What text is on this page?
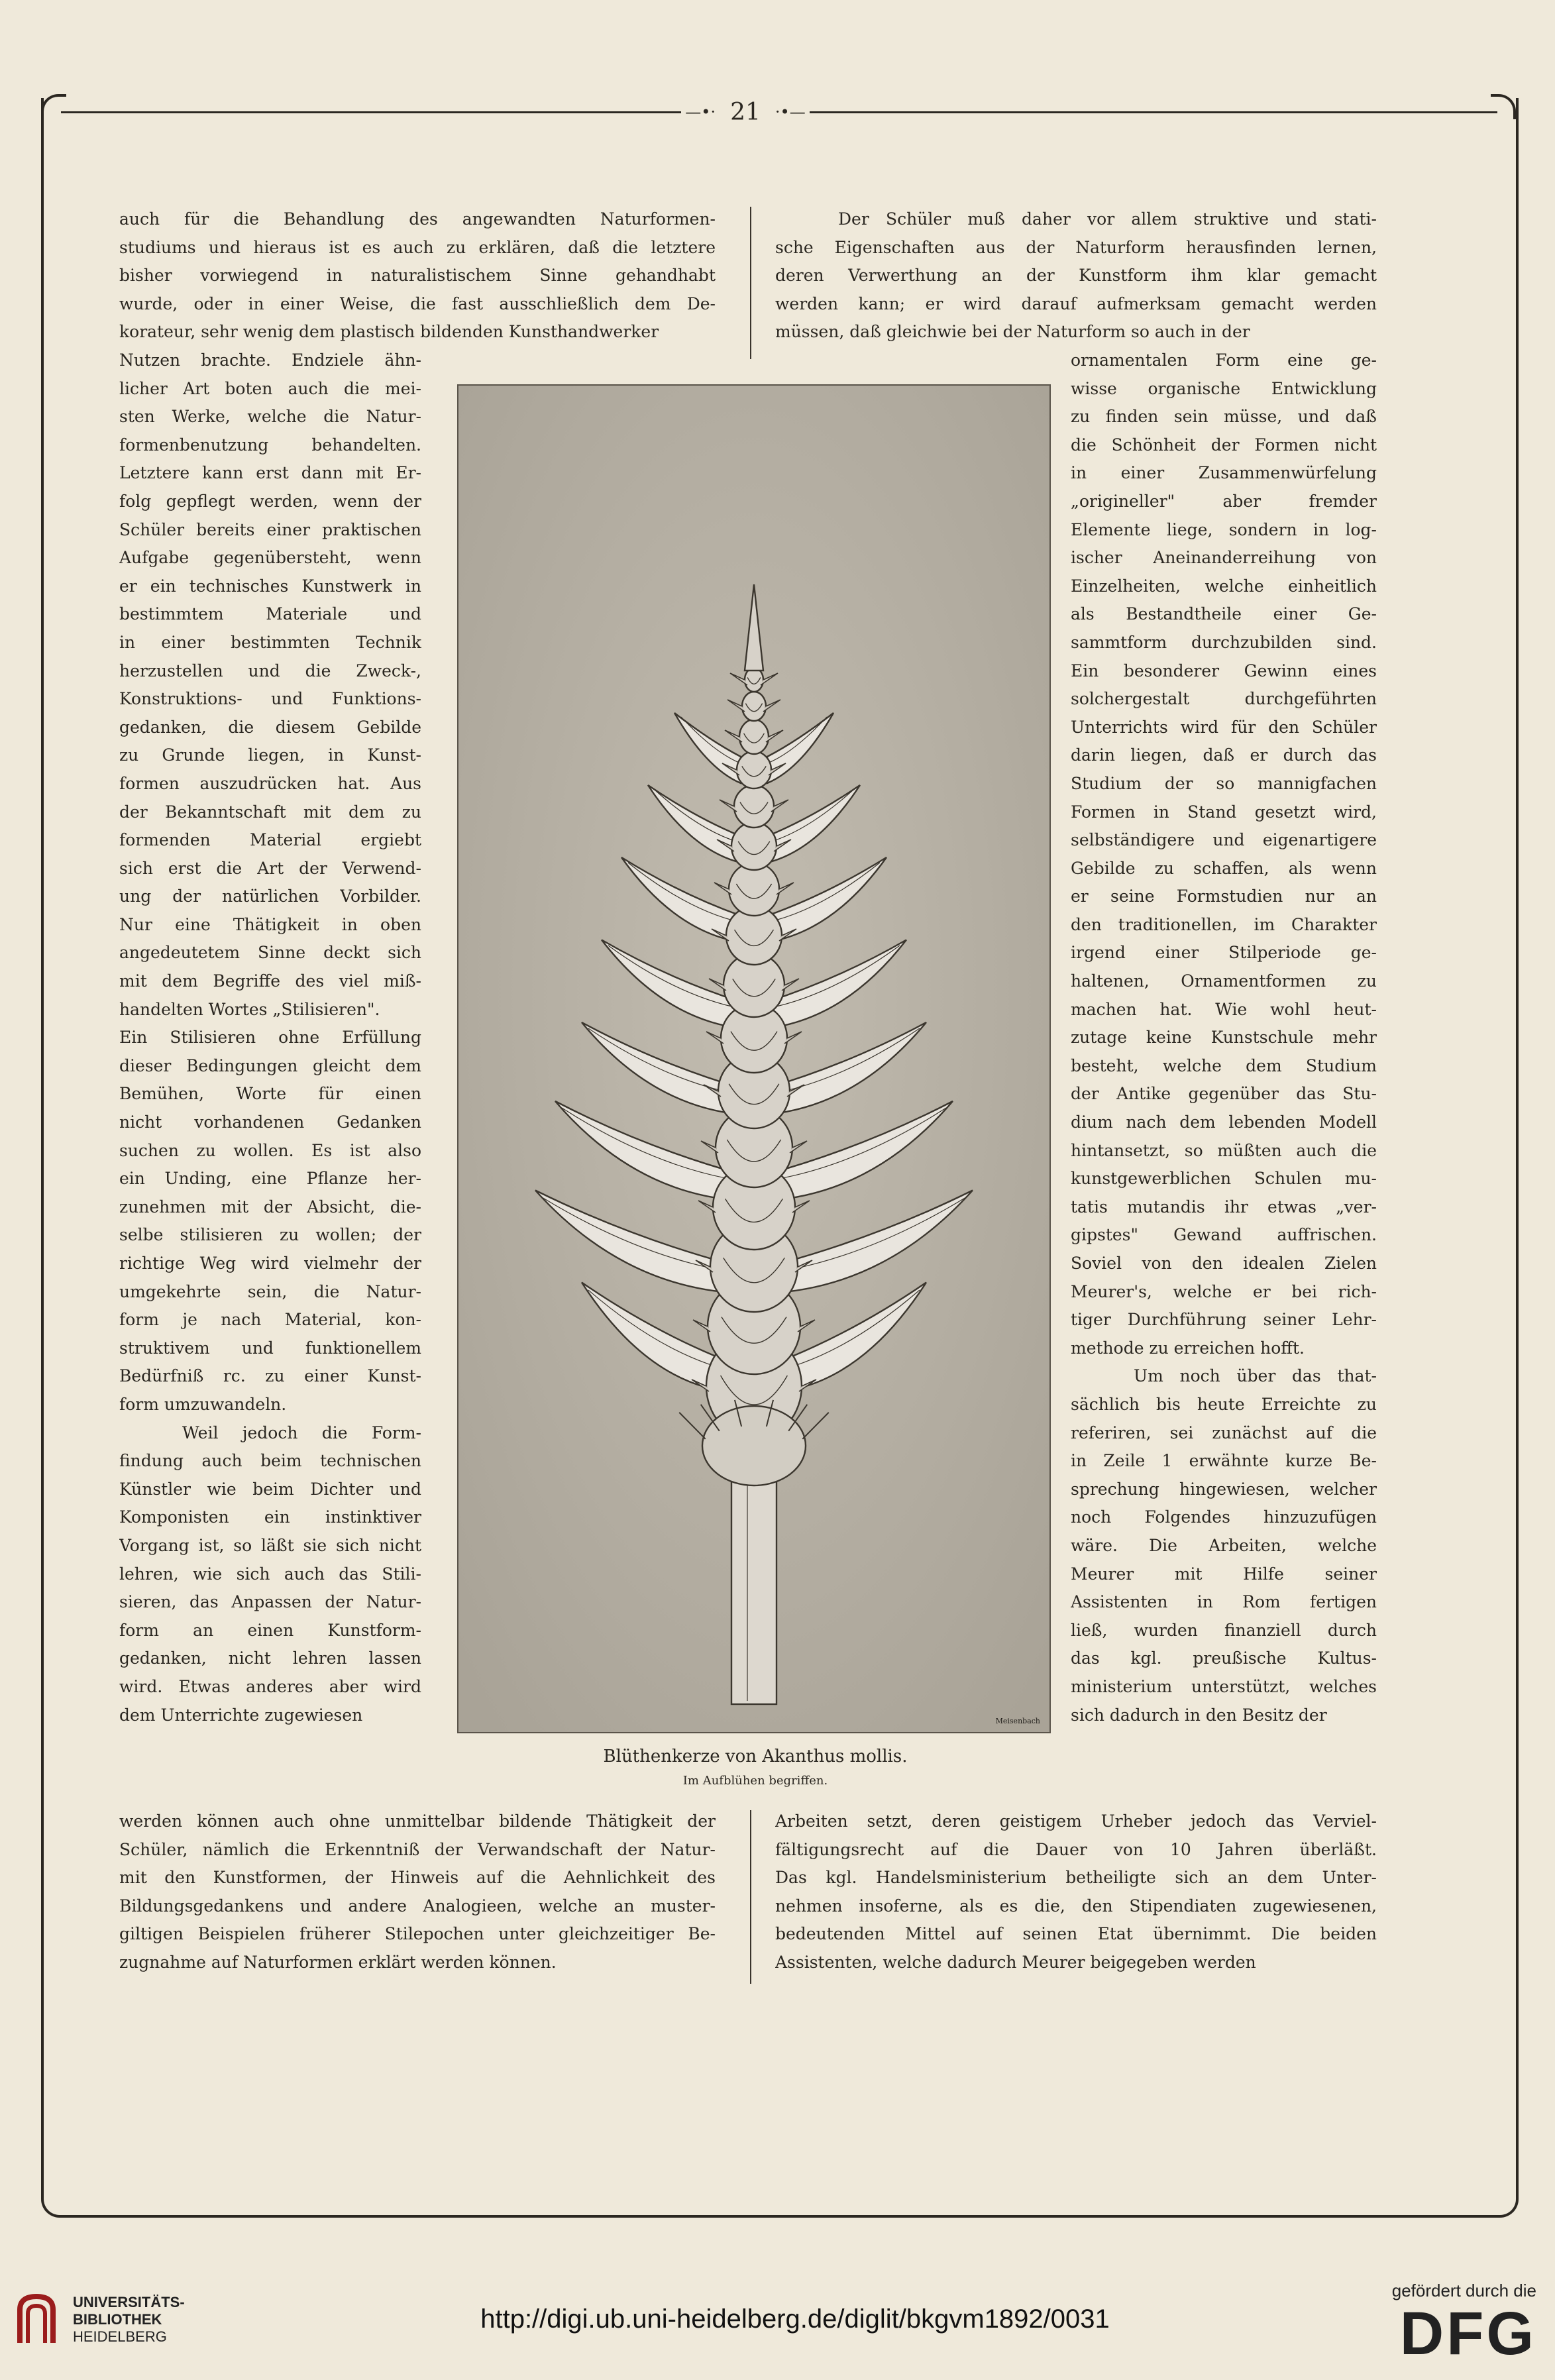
—•· 21 ·•—
auch für die Behandlung des angewandten Naturformen-
studiums und hieraus ist es auch zu erklären, daß die letztere
bisher vorwiegend in naturalistischem Sinne gehandhabt
wurde, oder in einer Weise, die fast ausschließlich dem De-
korateur, sehr wenig dem plastisch bildenden Kunsthandwerker
Der Schüler muß daher vor allem struktive und stati-
sche Eigenschaften aus der Naturform herausfinden lernen,
deren Verwerthung an der Kunstform ihm klar gemacht
werden kann; er wird darauf aufmerksam gemacht werden
müssen, daß gleichwie bei der Naturform so auch in der
Nutzen brachte. Endziele ähn-
licher Art boten auch die mei-
sten Werke, welche die Natur-
formenbenutzung behandelten.
Letztere kann erst dann mit Er-
folg gepflegt werden, wenn der
Schüler bereits einer praktischen
Aufgabe gegenübersteht, wenn
er ein technisches Kunstwerk in
bestimmtem Materiale und
in einer bestimmten Technik
herzustellen und die Zweck-,
Konstruktions- und Funktions-
gedanken, die diesem Gebilde
zu Grunde liegen, in Kunst-
formen auszudrücken hat. Aus
der Bekanntschaft mit dem zu
formenden Material ergiebt
sich erst die Art der Verwend-
ung der natürlichen Vorbilder.
Nur eine Thätigkeit in oben
angedeutetem Sinne deckt sich
mit dem Begriffe des viel miß-
handelten Wortes „Stilisieren".
Ein Stilisieren ohne Erfüllung
dieser Bedingungen gleicht dem
Bemühen, Worte für einen
nicht vorhandenen Gedanken
suchen zu wollen. Es ist also
ein Unding, eine Pflanze her-
zunehmen mit der Absicht, die-
selbe stilisieren zu wollen; der
richtige Weg wird vielmehr der
umgekehrte sein, die Natur-
form je nach Material, kon-
struktivem und funktionellem
Bedürfniß rc. zu einer Kunst-
form umzuwandeln.
Weil jedoch die Form-
findung auch beim technischen
Künstler wie beim Dichter und
Komponisten ein instinktiver
Vorgang ist, so läßt sie sich nicht
lehren, wie sich auch das Stili-
sieren, das Anpassen der Natur-
form an einen Kunstform-
gedanken, nicht lehren lassen
wird. Etwas anderes aber wird
dem Unterrichte zugewiesen
ornamentalen Form eine ge-
wisse organische Entwicklung
zu finden sein müsse, und daß
die Schönheit der Formen nicht
in einer Zusammenwürfelung
„origineller" aber fremder
Elemente liege, sondern in log-
ischer Aneinanderreihung von
Einzelheiten, welche einheitlich
als Bestandtheile einer Ge-
sammtform durchzubilden sind.
Ein besonderer Gewinn eines
solchergestalt durchgeführten
Unterrichts wird für den Schüler
darin liegen, daß er durch das
Studium der so mannigfachen
Formen in Stand gesetzt wird,
selbständigere und eigenartigere
Gebilde zu schaffen, als wenn
er seine Formstudien nur an
den traditionellen, im Charakter
irgend einer Stilperiode ge-
haltenen, Ornamentformen zu
machen hat. Wie wohl heut-
zutage keine Kunstschule mehr
besteht, welche dem Studium
der Antike gegenüber das Stu-
dium nach dem lebenden Modell
hintansetzt, so müßten auch die
kunstgewerblichen Schulen mu-
tatis mutandis ihr etwas „ver-
gipstes" Gewand auffrischen.
Soviel von den idealen Zielen
Meurer's, welche er bei rich-
tiger Durchführung seiner Lehr-
methode zu erreichen hofft.
Um noch über das that-
sächlich bis heute Erreichte zu
referiren, sei zunächst auf die
in Zeile 1 erwähnte kurze Be-
sprechung hingewiesen, welcher
noch Folgendes hinzuzufügen
wäre. Die Arbeiten, welche
Meurer mit Hilfe seiner
Assistenten in Rom fertigen
ließ, wurden finanziell durch
das kgl. preußische Kultus-
ministerium unterstützt, welches
sich dadurch in den Besitz der
werden können auch ohne unmittelbar bildende Thätigkeit der
Schüler, nämlich die Erkenntniß der Verwandschaft der Natur-
mit den Kunstformen, der Hinweis auf die Aehnlichkeit des
Bildungsgedankens und andere Analogieen, welche an muster-
giltigen Beispielen früherer Stilepochen unter gleichzeitiger Be-
zugnahme auf Naturformen erklärt werden können.
Arbeiten setzt, deren geistigem Urheber jedoch das Verviel-
fältigungsrecht auf die Dauer von 10 Jahren überläßt.
Das kgl. Handelsministerium betheiligte sich an dem Unter-
nehmen insoferne, als es die, den Stipendiaten zugewiesenen,
bedeutenden Mittel auf seinen Etat übernimmt. Die beiden
Assistenten, welche dadurch Meurer beigegeben werden
Meisenbach
Blüthenkerze von Akanthus mollis.
Im Aufblühen begriffen.
UNIVERSITÄTS-
BIBLIOTHEK
HEIDELBERG
http://digi.ub.uni-heidelberg.de/diglit/bkgvm1892/0031
gefördert durch die
DFG
